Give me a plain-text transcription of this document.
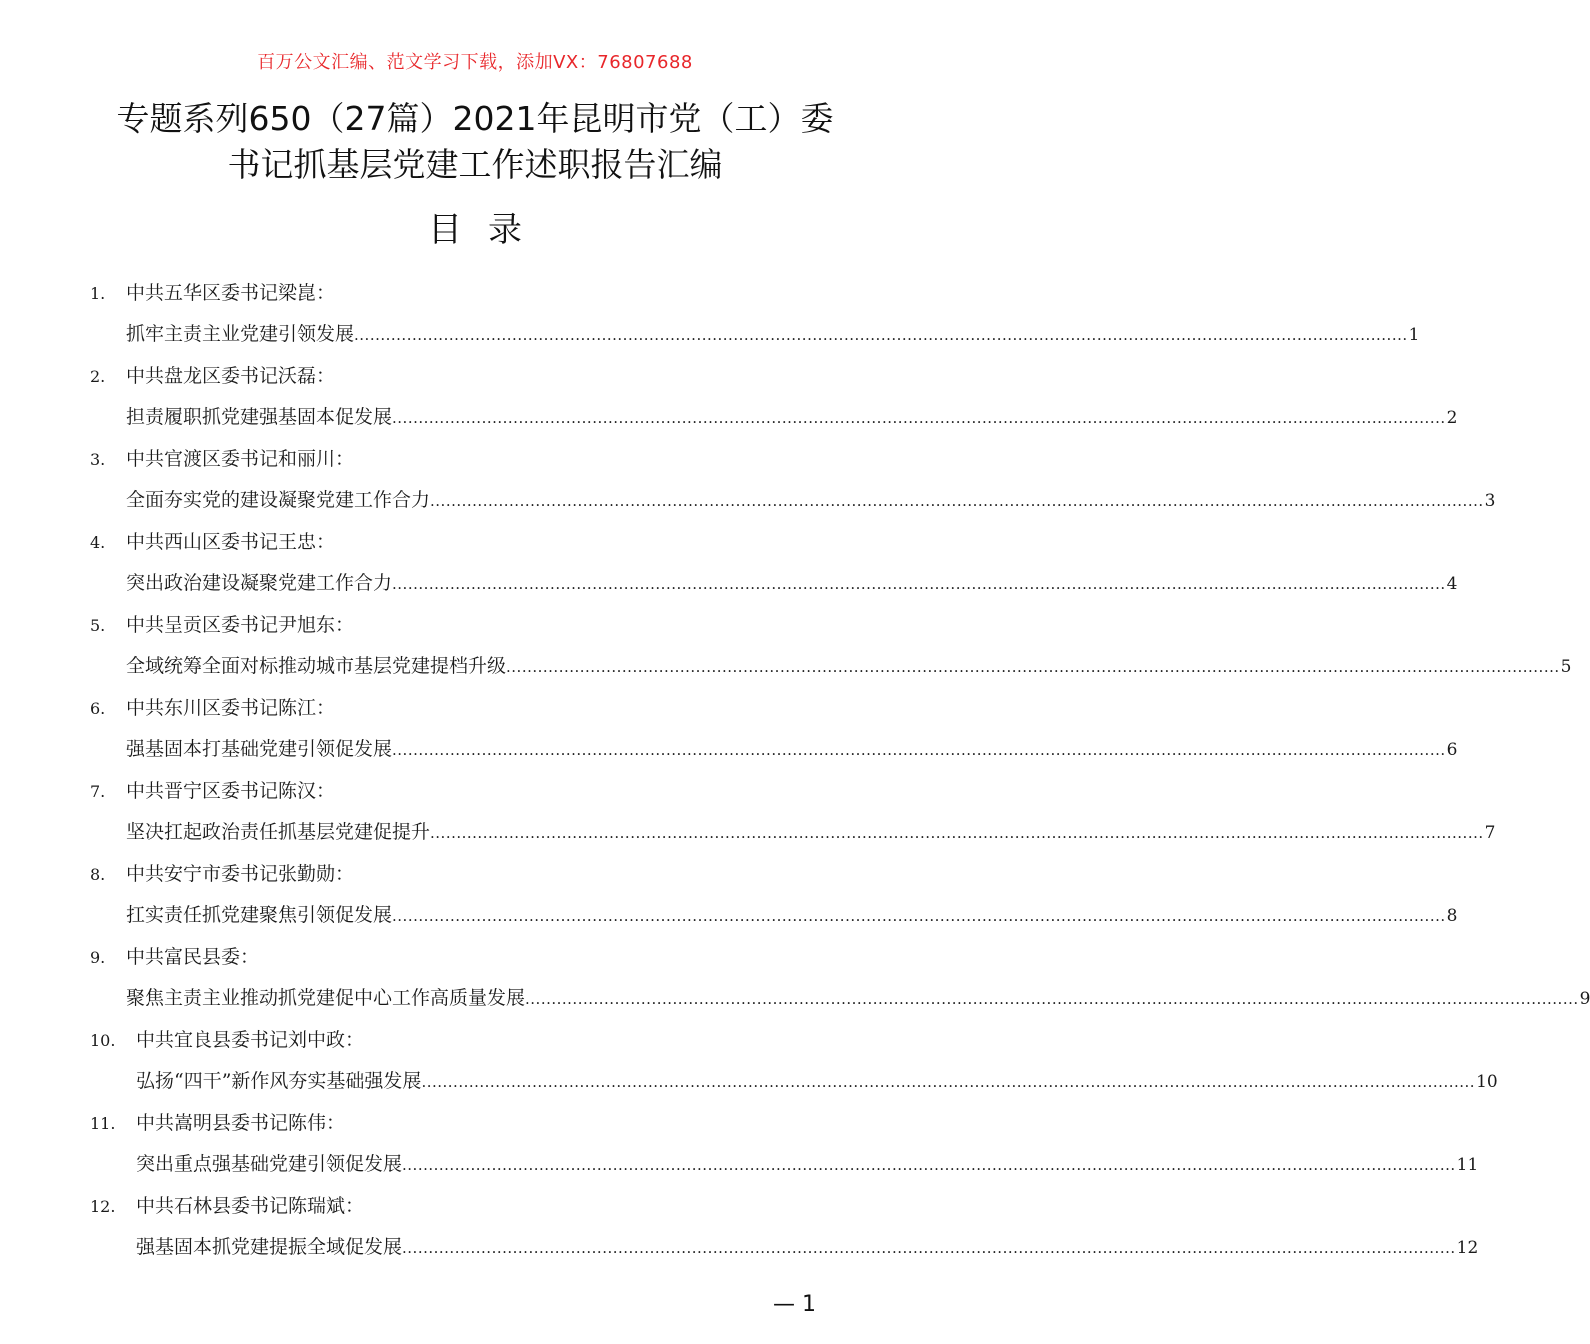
百万公文汇编、范文学习下载，添加VX：76807688
专题系列650（27篇）2021年昆明市党（工）委
书记抓基层党建工作述职报告汇编
目录
1. 中共五华区委书记梁崑：
抓牢主责主业党建引领发展 ........................................................................................................................................................................................................ 1
2. 中共盘龙区委书记沃磊：
担责履职抓党建强基固本促发展 ........................................................................................................................................................................................................ 2
3. 中共官渡区委书记和丽川：
全面夯实党的建设凝聚党建工作合力 ........................................................................................................................................................................................................ 3
4. 中共西山区委书记王忠：
突出政治建设凝聚党建工作合力 ........................................................................................................................................................................................................ 4
5. 中共呈贡区委书记尹旭东：
全域统筹全面对标推动城市基层党建提档升级 ........................................................................................................................................................................................................ 5
6. 中共东川区委书记陈江：
强基固本打基础党建引领促发展 ........................................................................................................................................................................................................ 6
7. 中共晋宁区委书记陈汉：
坚决扛起政治责任抓基层党建促提升 ........................................................................................................................................................................................................ 7
8. 中共安宁市委书记张勤勋：
扛实责任抓党建聚焦引领促发展 ........................................................................................................................................................................................................ 8
9. 中共富民县委：
聚焦主责主业推动抓党建促中心工作高质量发展 ........................................................................................................................................................................................................ 9
10. 中共宜良县委书记刘中政：
弘扬“四干”新作风夯实基础强发展 ........................................................................................................................................................................................................ 10
11. 中共嵩明县委书记陈伟：
突出重点强基础党建引领促发展 ........................................................................................................................................................................................................ 11
12. 中共石林县委书记陈瑞斌：
强基固本抓党建提振全域促发展 ........................................................................................................................................................................................................ 12
— 1
